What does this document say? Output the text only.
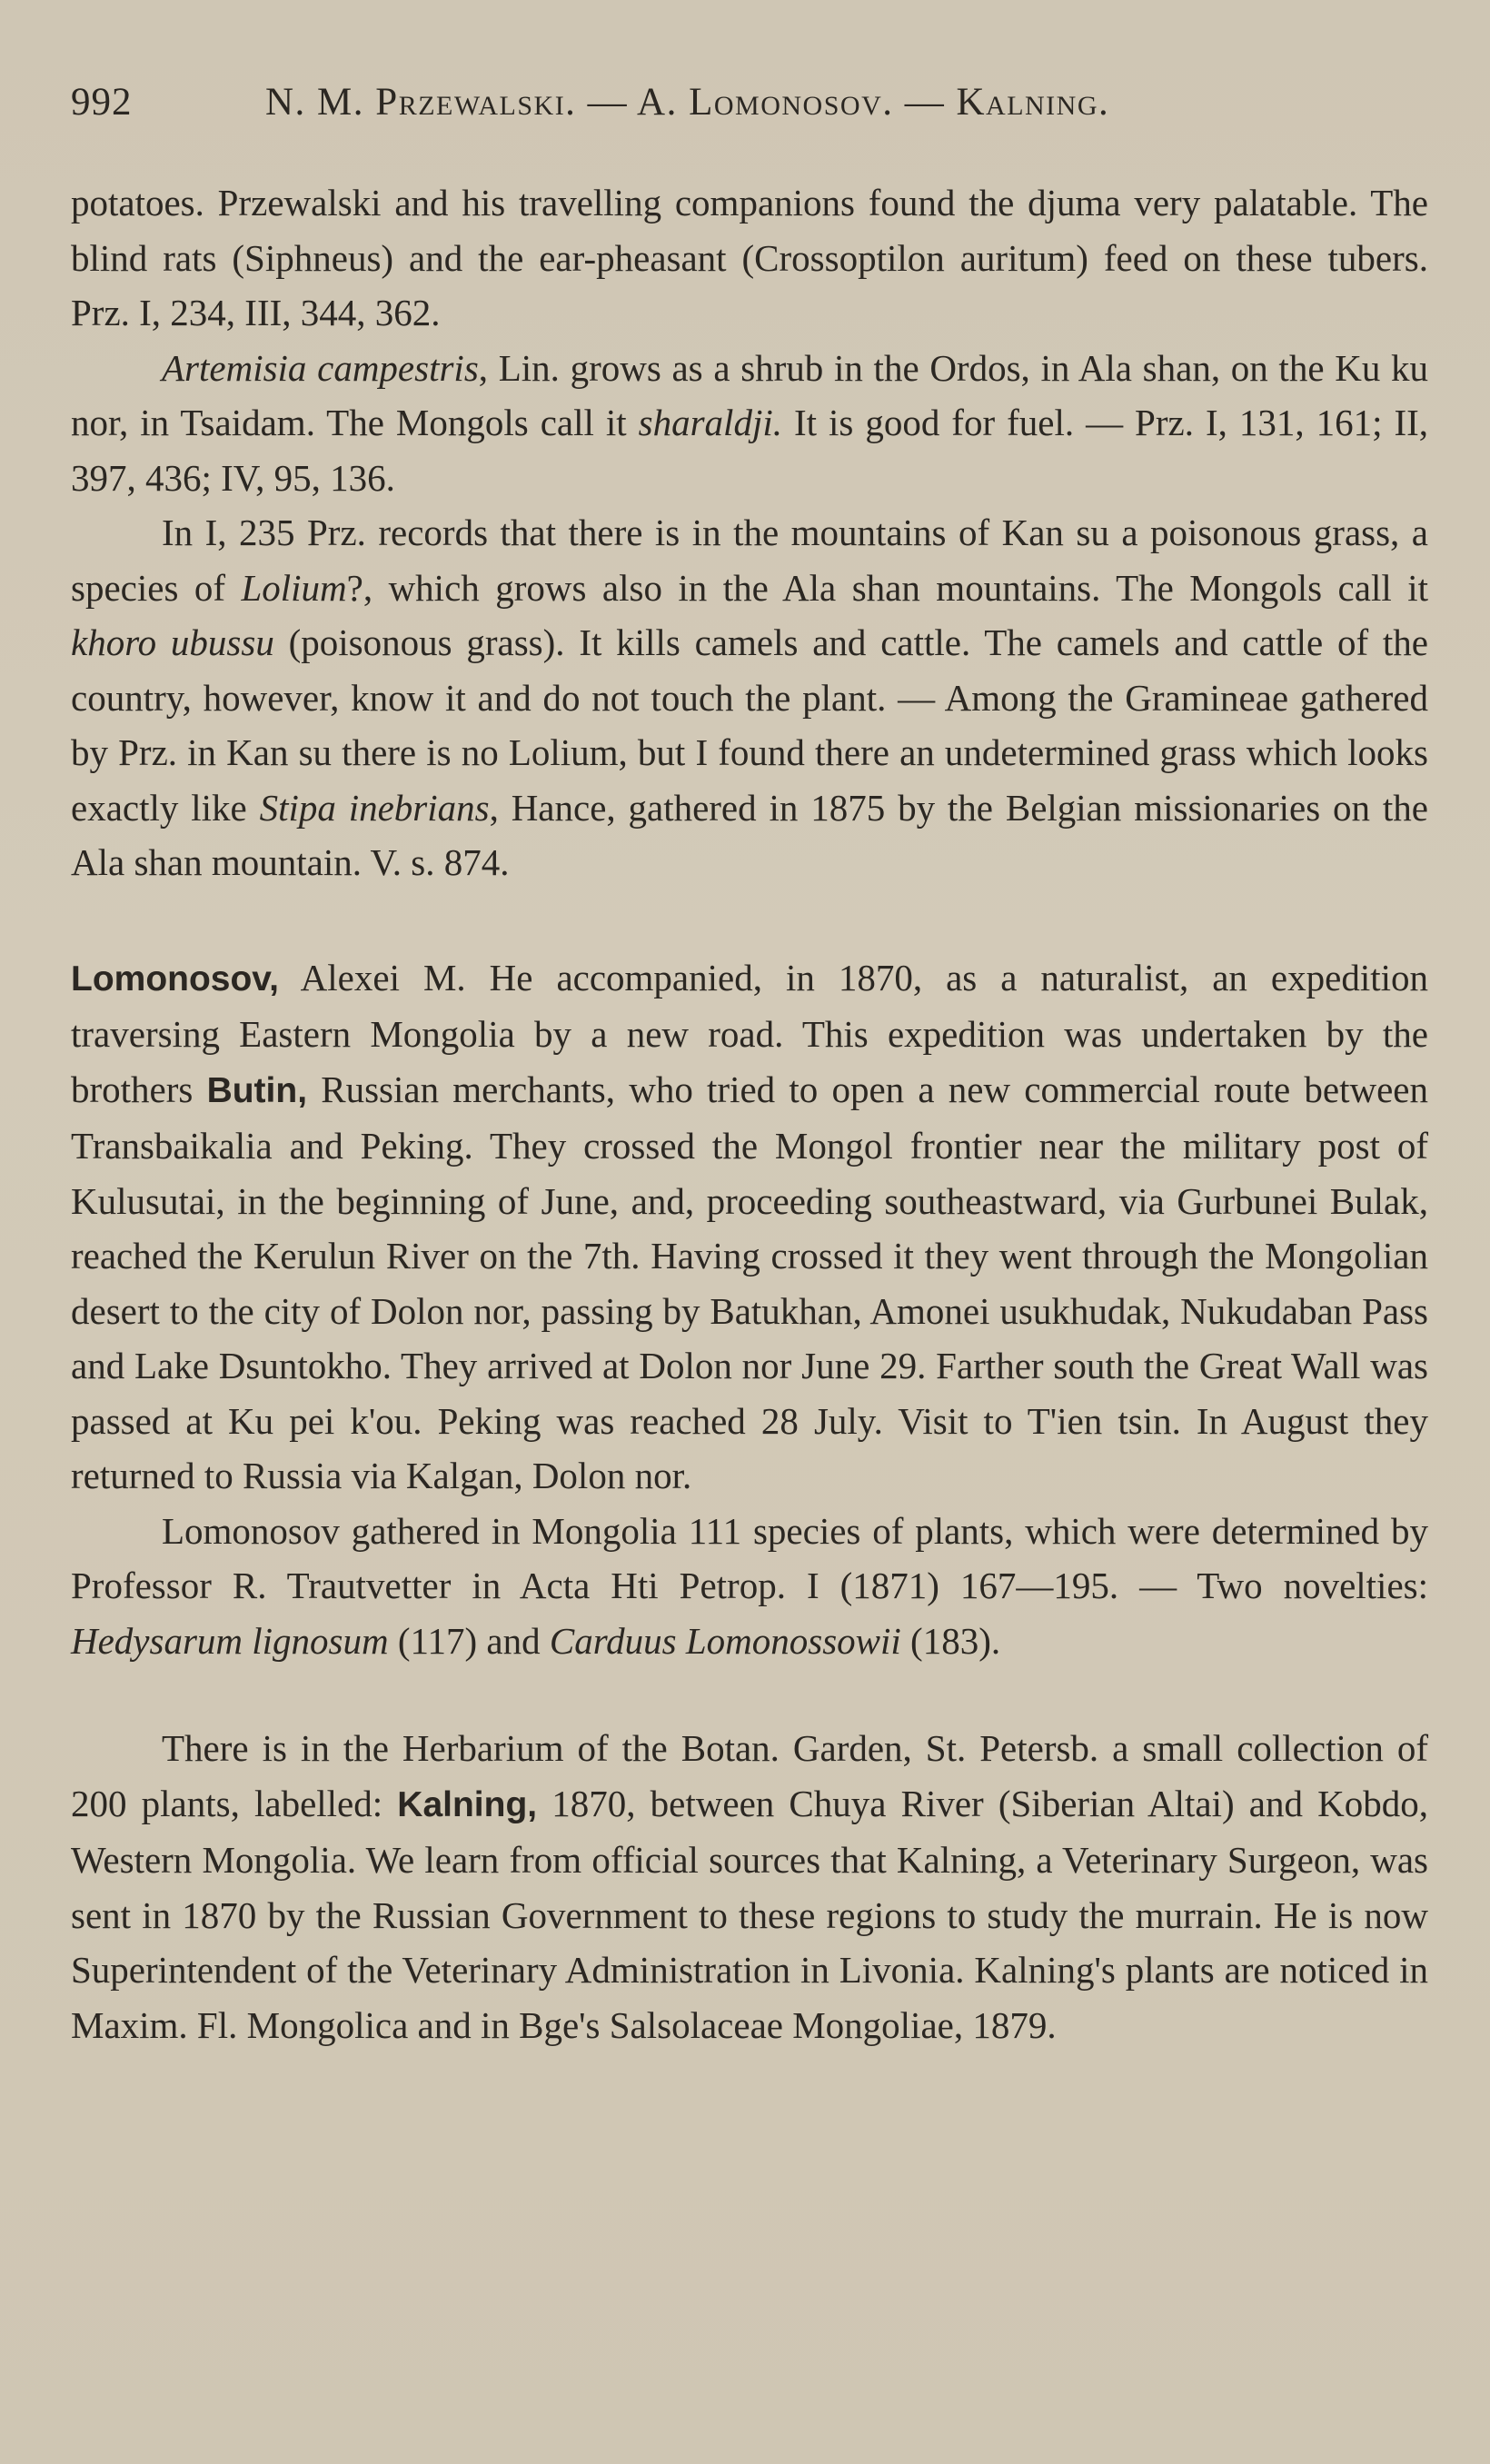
992	N. M. Przewalski. — A. Lomonosov. — Kalning.

potatoes. Przewalski and his travelling companions found the djuma very palatable. The blind rats (Siphneus) and the ear-pheasant (Crossoptilon auritum) feed on these tubers. Prz. I, 234, III, 344, 362.

Artemisia campestris, Lin. grows as a shrub in the Ordos, in Ala shan, on the Ku ku nor, in Tsaidam. The Mongols call it sharaldji. It is good for fuel. — Prz. I, 131, 161; II, 397, 436; IV, 95, 136.

In I, 235 Prz. records that there is in the mountains of Kan su a poisonous grass, a species of Lolium?, which grows also in the Ala shan mountains. The Mongols call it khoro ubussu (poisonous grass). It kills camels and cattle. The camels and cattle of the country, however, know it and do not touch the plant. — Among the Gramineae gathered by Prz. in Kan su there is no Lolium, but I found there an undetermined grass which looks exactly like Stipa inebrians, Hance, gathered in 1875 by the Belgian missionaries on the Ala shan mountain. V. s. 874.

Lomonosov, Alexei M. He accompanied, in 1870, as a naturalist, an expedition traversing Eastern Mongolia by a new road. This expedition was undertaken by the brothers Butin, Russian merchants, who tried to open a new commercial route between Transbaikalia and Peking. They crossed the Mongol frontier near the military post of Kulusutai, in the beginning of June, and, proceeding southeastward, via Gurbunei Bulak, reached the Kerulun River on the 7th. Having crossed it they went through the Mongolian desert to the city of Dolon nor, passing by Batukhan, Amonei usukhudak, Nukudaban Pass and Lake Dsuntokho. They arrived at Dolon nor June 29. Farther south the Great Wall was passed at Ku pei k'ou. Peking was reached 28 July. Visit to T'ien tsin. In August they returned to Russia via Kalgan, Dolon nor.

Lomonosov gathered in Mongolia 111 species of plants, which were determined by Professor R. Trautvetter in Acta Hti Petrop. I (1871) 167—195. — Two novelties: Hedysarum lignosum (117) and Carduus Lomonossowii (183).

There is in the Herbarium of the Botan. Garden, St. Petersb. a small collection of 200 plants, labelled: Kalning, 1870, between Chuya River (Siberian Altai) and Kobdo, Western Mongolia. We learn from official sources that Kalning, a Veterinary Surgeon, was sent in 1870 by the Russian Government to these regions to study the murrain. He is now Superintendent of the Veterinary Administration in Livonia. Kalning's plants are noticed in Maxim. Fl. Mongolica and in Bge's Salsolaceae Mongoliae, 1879.
